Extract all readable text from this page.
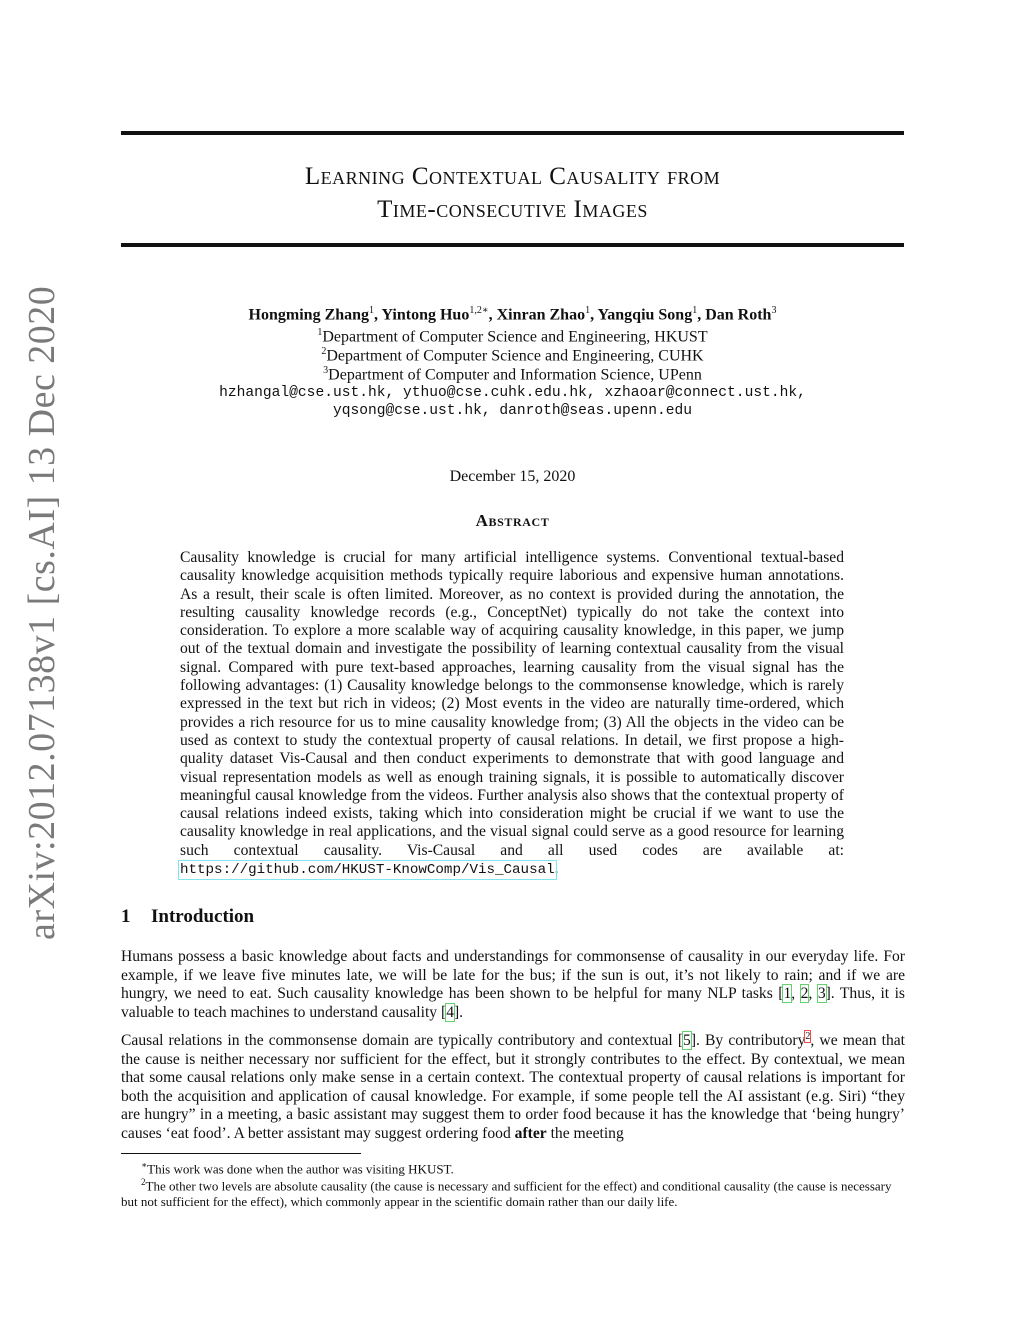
arXiv:2012.07138v1 [cs.AI] 13 Dec 2020
Learning Contextual Causality from
Time-consecutive Images
Hongming Zhang$^1$, Yintong Huo$^{1,2∗}$, Xinran Zhao$^1$, Yangqiu Song$^1$, Dan Roth$^3$
$^1$Department of Computer Science and Engineering, HKUST
$^2$Department of Computer Science and Engineering, CUHK
$^3$Department of Computer and Information Science, UPenn
hzhangal@cse.ust.hk, ythuo@cse.cuhk.edu.hk, xzhaoar@connect.ust.hk,
yqsong@cse.ust.hk, danroth@seas.upenn.edu
December 15, 2020
Abstract

Causality knowledge is crucial for many artificial intelligence systems. Conventional textual-based causality knowledge acquisition methods typically require laborious and expensive human annotations. As a result, their scale is often limited. Moreover, as no context is provided during the annotation, the resulting causality knowledge records (e.g., ConceptNet) typically do not take the context into consideration. To explore a more scalable way of acquiring causality knowledge, in this paper, we jump out of the textual domain and investigate the possibility of learning contextual causality from the visual signal. Compared with pure text-based approaches, learning causality from the visual signal has the following advantages: (1) Causality knowledge belongs to the commonsense knowledge, which is rarely expressed in the text but rich in videos; (2) Most events in the video are naturally time-ordered, which provides a rich resource for us to mine causality knowledge from; (3) All the objects in the video can be used as context to study the contextual property of causal relations. In detail, we first propose a high-quality dataset Vis-Causal and then conduct experiments to demonstrate that with good language and visual representation models as well as enough training signals, it is possible to automatically discover meaningful causal knowledge from the videos. Further analysis also shows that the contextual property of causal relations indeed exists, taking which into consideration might be crucial if we want to use the causality knowledge in real applications, and the visual signal could serve as a good resource for learning such contextual causality. Vis-Causal and all used codes are available at: https://github.com/HKUST-KnowComp/Vis_Causal.

1 Introduction

Humans possess a basic knowledge about facts and understandings for commonsense of causality in our everyday life. For example, if we leave five minutes late, we will be late for the bus; if the sun is out, it’s not likely to rain; and if we are hungry, we need to eat. Such causality knowledge has been shown to be helpful for many NLP tasks [1, 2, 3]. Thus, it is valuable to teach machines to understand causality [4].

Causal relations in the commonsense domain are typically contributory and contextual [5]. By contributory$^2$, we mean that the cause is neither necessary nor sufficient for the effect, but it strongly contributes to the effect. By contextual, we mean that some causal relations only make sense in a certain context. The contextual property of causal relations is important for both the acquisition and application of causal knowledge. For example, if some people tell the AI assistant (e.g. Siri) “they are hungry” in a meeting, a basic assistant may suggest them to order food because it has the knowledge that ‘being hungry’ causes ‘eat food’. A better assistant may suggest ordering food after the meeting

∗This work was done when the author was visiting HKUST.

$^2$The other two levels are absolute causality (the cause is necessary and sufficient for the effect) and conditional causality (the cause is necessary but not sufficient for the effect), which commonly appear in the scientific domain rather than our daily life.
